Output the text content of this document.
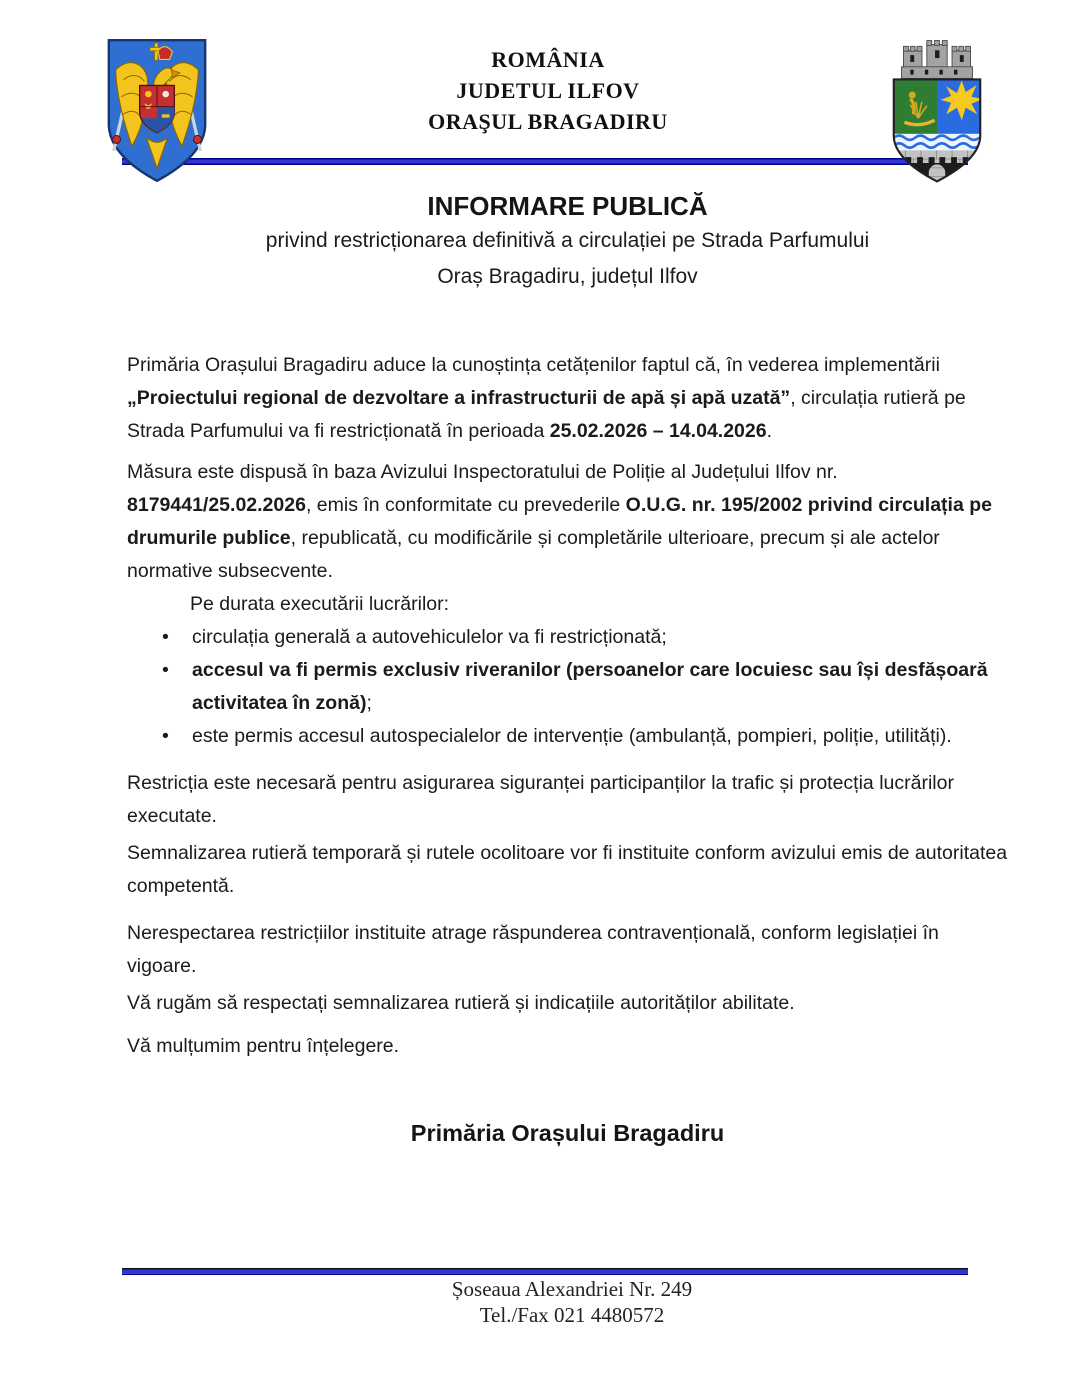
ROMÂNIA
JUDETUL ILFOV
ORAŞUL BRAGADIRU
INFORMARE PUBLICĂ
privind restricționarea definitivă a circulației pe Strada Parfumului
Oraș Bragadiru, județul Ilfov

Primăria Orașului Bragadiru aduce la cunoștința cetățenilor faptul că, în vederea implementării „Proiectului regional de dezvoltare a infrastructurii de apă și apă uzată”, circulația rutieră pe Strada Parfumului va fi restricționată în perioada 25.02.2026 – 14.04.2026.

Măsura este dispusă în baza Avizului Inspectoratului de Poliție al Județului Ilfov nr. 8179441/25.02.2026, emis în conformitate cu prevederile O.U.G. nr. 195/2002 privind circulația pe drumurile publice, republicată, cu modificările și completările ulterioare, precum și ale actelor normative subsecvente.

Pe durata executării lucrărilor:

•	circulația generală a autovehiculelor va fi restricționată;
•	accesul va fi permis exclusiv riveranilor (persoanelor care locuiesc sau își desfășoară activitatea în zonă);
•	este permis accesul autospecialelor de intervenție (ambulanță, pompieri, poliție, utilități).

Restricția este necesară pentru asigurarea siguranței participanților la trafic și protecția lucrărilor executate.

Semnalizarea rutieră temporară și rutele ocolitoare vor fi instituite conform avizului emis de autoritatea competentă.

Nerespectarea restricțiilor instituite atrage răspunderea contravențională, conform legislației în vigoare.

Vă rugăm să respectați semnalizarea rutieră și indicațiile autorităților abilitate.

Vă mulțumim pentru înțelegere.

Primăria Orașului Bragadiru
Șoseaua Alexandriei Nr. 249
Tel./Fax 021 4480572
